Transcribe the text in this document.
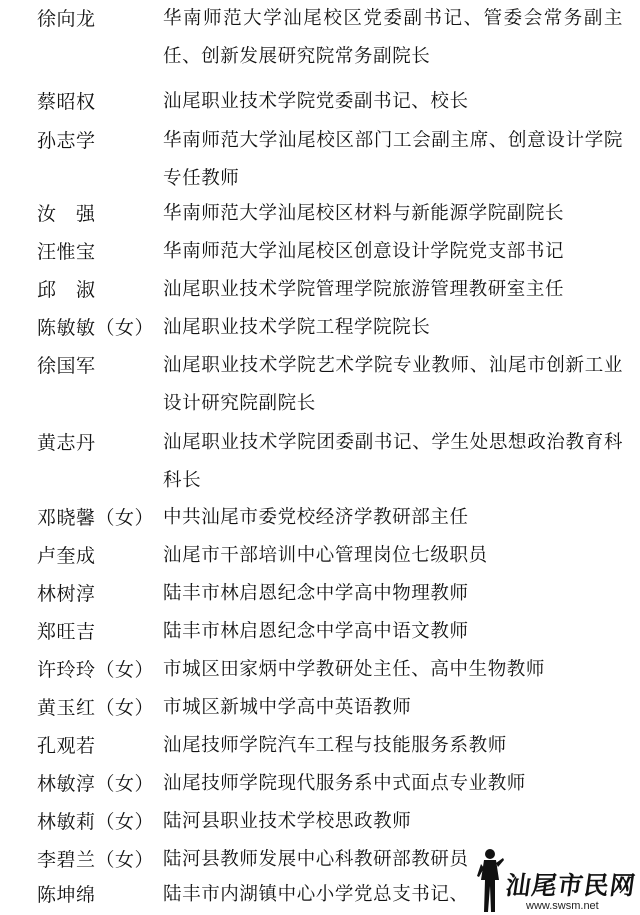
徐向龙	华南师范大学汕尾校区党委副书记、管委会常务副主任、创新发展研究院常务副院长
蔡昭权	汕尾职业技术学院党委副书记、校长
孙志学	华南师范大学汕尾校区部门工会副主席、创意设计学院专任教师
汝　强	华南师范大学汕尾校区材料与新能源学院副院长
汪惟宝	华南师范大学汕尾校区创意设计学院党支部书记
邱　淑	汕尾职业技术学院管理学院旅游管理教研室主任
陈敏敏（女） 汕尾职业技术学院工程学院院长
徐国军	汕尾职业技术学院艺术学院专业教师、汕尾市创新工业设计研究院副院长
黄志丹	汕尾职业技术学院团委副书记、学生处思想政治教育科科长
邓晓馨（女） 中共汕尾市委党校经济学教研部主任
卢奎成	汕尾市干部培训中心管理岗位七级职员
林树淳	陆丰市林启恩纪念中学高中物理教师
郑旺吉	陆丰市林启恩纪念中学高中语文教师
许玲玲（女） 市城区田家炳中学教研处主任、高中生物教师
黄玉红（女） 市城区新城中学高中英语教师
孔观若	汕尾技师学院汽车工程与技能服务系教师
林敏淳（女） 汕尾技师学院现代服务系中式面点专业教师
林敏莉（女） 陆河县职业技术学校思政教师
李碧兰（女） 陆河县教师发展中心科教研部教研员
陈坤绵	陆丰市内湖镇中心小学党总支书记、	汕尾市民网
www.swsm.net
